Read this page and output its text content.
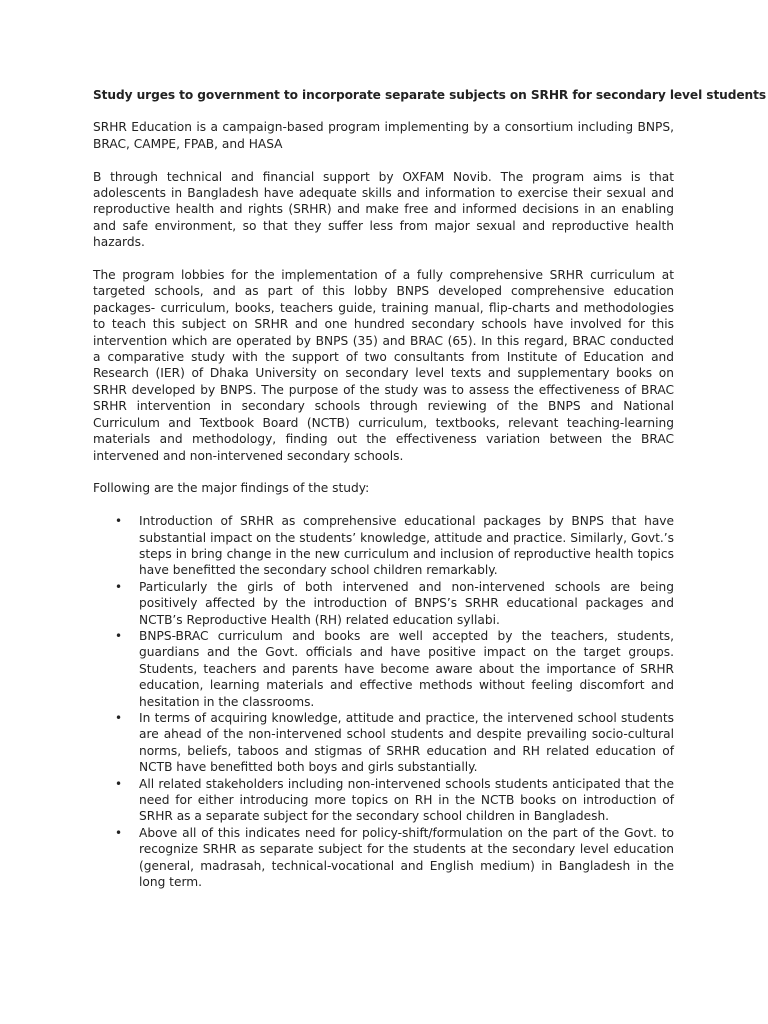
Study urges to government to incorporate separate subjects on SRHR for secondary level students

SRHR Education is a campaign-based program implementing by a consortium including BNPS, BRAC, CAMPE, FPAB, and HASA

B through technical and financial support by OXFAM Novib. The program aims is that adolescents in Bangladesh have adequate skills and information to exercise their sexual and reproductive health and rights (SRHR) and make free and informed decisions in an enabling and safe environment, so that they suffer less from major sexual and reproductive health hazards.

The program lobbies for the implementation of a fully comprehensive SRHR curriculum at targeted schools, and as part of this lobby BNPS developed comprehensive education packages- curriculum, books, teachers guide, training manual, flip-charts and methodologies to teach this subject on SRHR and one hundred secondary schools have involved for this intervention which are operated by BNPS (35) and BRAC (65). In this regard, BRAC conducted a comparative study with the support of two consultants from Institute of Education and Research (IER) of Dhaka University on secondary level texts and supplementary books on SRHR developed by BNPS. The purpose of the study was to assess the effectiveness of BRAC SRHR intervention in secondary schools through reviewing of the BNPS and National Curriculum and Textbook Board (NCTB) curriculum, textbooks, relevant teaching-learning materials and methodology, finding out the effectiveness variation between the BRAC intervened and non-intervened secondary schools.

Following are the major findings of the study:

• Introduction of SRHR as comprehensive educational packages by BNPS that have substantial impact on the students’ knowledge, attitude and practice. Similarly, Govt.’s steps in bring change in the new curriculum and inclusion of reproductive health topics have benefitted the secondary school children remarkably.
• Particularly the girls of both intervened and non-intervened schools are being positively affected by the introduction of BNPS’s SRHR educational packages and NCTB’s Reproductive Health (RH) related education syllabi.
• BNPS-BRAC curriculum and books are well accepted by the teachers, students, guardians and the Govt. officials and have positive impact on the target groups. Students, teachers and parents have become aware about the importance of SRHR education, learning materials and effective methods without feeling discomfort and hesitation in the classrooms.
• In terms of acquiring knowledge, attitude and practice, the intervened school students are ahead of the non-intervened school students and despite prevailing socio-cultural norms, beliefs, taboos and stigmas of SRHR education and RH related education of NCTB have benefitted both boys and girls substantially.
• All related stakeholders including non-intervened schools students anticipated that the need for either introducing more topics on RH in the NCTB books on introduction of SRHR as a separate subject for the secondary school children in Bangladesh.
• Above all of this indicates need for policy-shift/formulation on the part of the Govt. to recognize SRHR as separate subject for the students at the secondary level education (general, madrasah, technical-vocational and English medium) in Bangladesh in the long term.
